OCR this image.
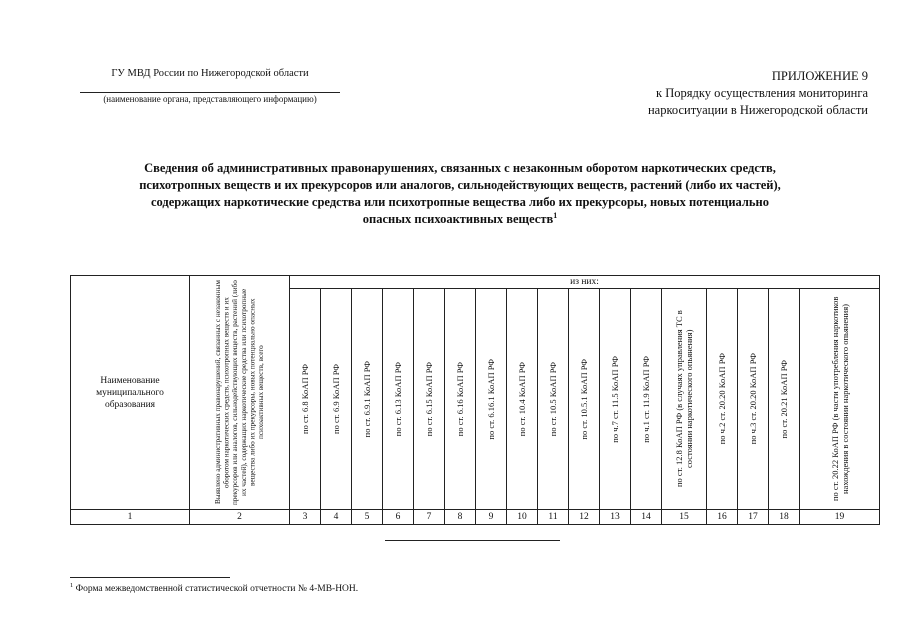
ГУ МВД России по Нижегородской области
(наименование органа, представляющего информацию)
ПРИЛОЖЕНИЕ 9
к Порядку осуществления мониторинга
наркоситуации в Нижегородской области
Сведения об административных правонарушениях, связанных с незаконным оборотом наркотических средств,
психотропных веществ и их прекурсоров или аналогов, сильнодействующих веществ, растений (либо их частей),
содержащих наркотические средства или психотропные вещества либо их прекурсоры, новых потенциально
опасных психоактивных веществ$^1$
Наименование муниципального образования	Выявлено административных правонарушений, связанных с незаконным оборотом наркотических средств, психотропных веществ и их прекурсоров или аналогов, сильнодействующих веществ, растений (либо их частей), содержащих наркотические средства или психотропные вещества либо их прекурсоры, новых потенциально опасных психоактивных веществ, всего	из них:																

		по ст. 6.8 КоАП РФ	по ст. 6.9 КоАП РФ	по ст. 6.9.1 КоАП РФ	по ст. 6.13 КоАП РФ	по ст. 6.15 КоАП РФ	по ст. 6.16 КоАП РФ	по ст. 6.16.1 КоАП РФ	по ст. 10.4 КоАП РФ	по ст. 10.5 КоАП РФ	по ст. 10.5.1 КоАП РФ	по ч.7 ст. 11.5 КоАП РФ	по ч.1 ст. 11.9 КоАП РФ	по ст. 12.8 КоАП РФ (в случаях управления ТС в состоянии наркотического опьянения)	по ч.2 ст. 20.20 КоАП РФ	по ч.3 ст. 20.20 КоАП РФ	по ст. 20.21 КоАП РФ	по ст. 20.22 КоАП РФ (в части употребления наркотиков нахождения в состоянии наркотического опьянения)

1	2	3	4	5	6	7	8	9	10	11	12	13	14	15	16	17	18	19
$^1$ Форма межведомственной статистической отчетности № 4-МВ-НОН.
